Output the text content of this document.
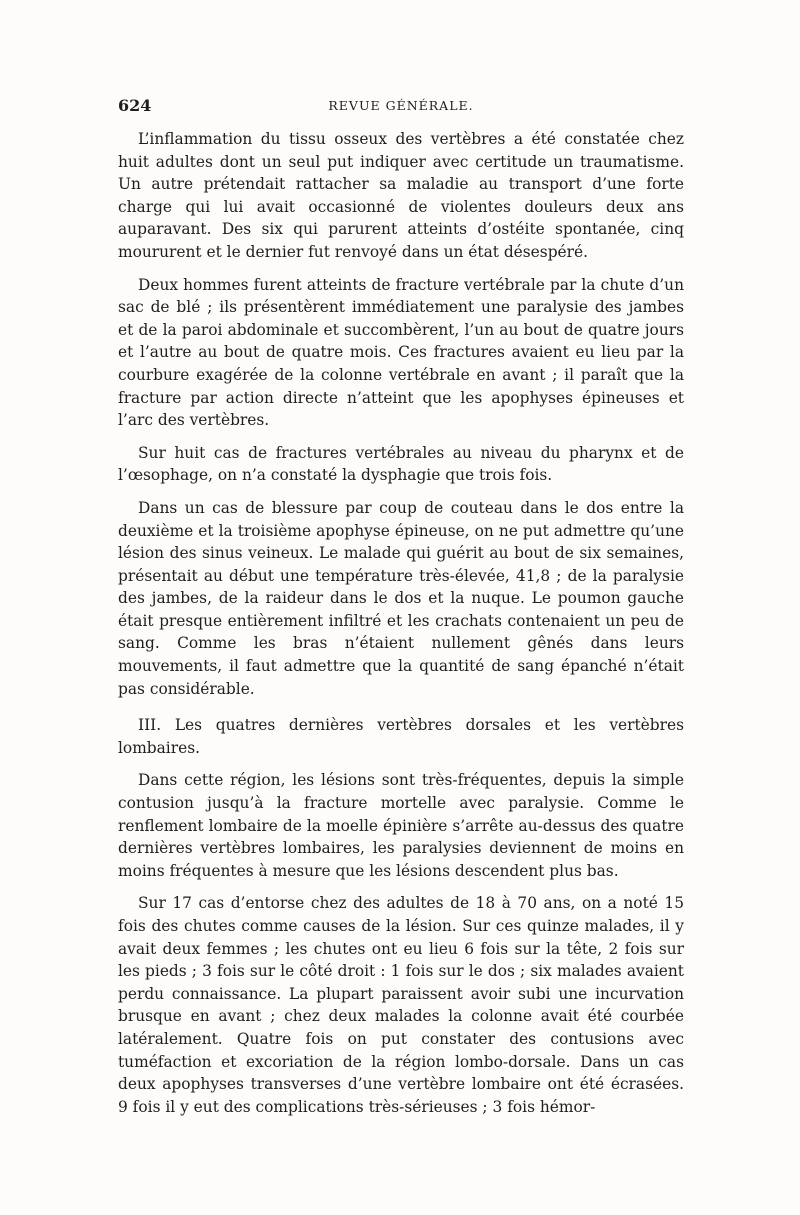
624	REVUE GÉNÉRALE.

L’inflammation du tissu osseux des vertèbres a été constatée chez huit adultes dont un seul put indiquer avec certitude un traumatisme. Un autre prétendait rattacher sa maladie au transport d’une forte charge qui lui avait occasionné de violentes douleurs deux ans auparavant. Des six qui parurent atteints d’ostéite spontanée, cinq moururent et le dernier fut renvoyé dans un état désespéré.

Deux hommes furent atteints de fracture vertébrale par la chute d’un sac de blé ; ils présentèrent immédiatement une paralysie des jambes et de la paroi abdominale et succombèrent, l’un au bout de quatre jours et l’autre au bout de quatre mois. Ces fractures avaient eu lieu par la courbure exagérée de la colonne vertébrale en avant ; il paraît que la fracture par action directe n’atteint que les apophyses épineuses et l’arc des vertèbres.

Sur huit cas de fractures vertébrales au niveau du pharynx et de l’œsophage, on n’a constaté la dysphagie que trois fois.

Dans un cas de blessure par coup de couteau dans le dos entre la deuxième et la troisième apophyse épineuse, on ne put admettre qu’une lésion des sinus veineux. Le malade qui guérit au bout de six semaines, présentait au début une température très-élevée, 41,8 ; de la paralysie des jambes, de la raideur dans le dos et la nuque. Le poumon gauche était presque entièrement infiltré et les crachats contenaient un peu de sang. Comme les bras n’étaient nullement gênés dans leurs mouvements, il faut admettre que la quantité de sang épanché n’était pas considérable.

III. Les quatres dernières vertèbres dorsales et les vertèbres lombaires.

Dans cette région, les lésions sont très-fréquentes, depuis la simple contusion jusqu’à la fracture mortelle avec paralysie. Comme le renflement lombaire de la moelle épinière s’arrête au-dessus des quatre dernières vertèbres lombaires, les paralysies deviennent de moins en moins fréquentes à mesure que les lésions descendent plus bas.

Sur 17 cas d’entorse chez des adultes de 18 à 70 ans, on a noté 15 fois des chutes comme causes de la lésion. Sur ces quinze malades, il y avait deux femmes ; les chutes ont eu lieu 6 fois sur la tête, 2 fois sur les pieds ; 3 fois sur le côté droit : 1 fois sur le dos ; six malades avaient perdu connaissance. La plupart paraissent avoir subi une incurvation brusque en avant ; chez deux malades la colonne avait été courbée latéralement. Quatre fois on put constater des contusions avec tuméfaction et excoriation de la région lombo-dorsale. Dans un cas deux apophyses transverses d’une vertèbre lombaire ont été écrasées. 9 fois il y eut des complications très-sérieuses ; 3 fois hémor-
